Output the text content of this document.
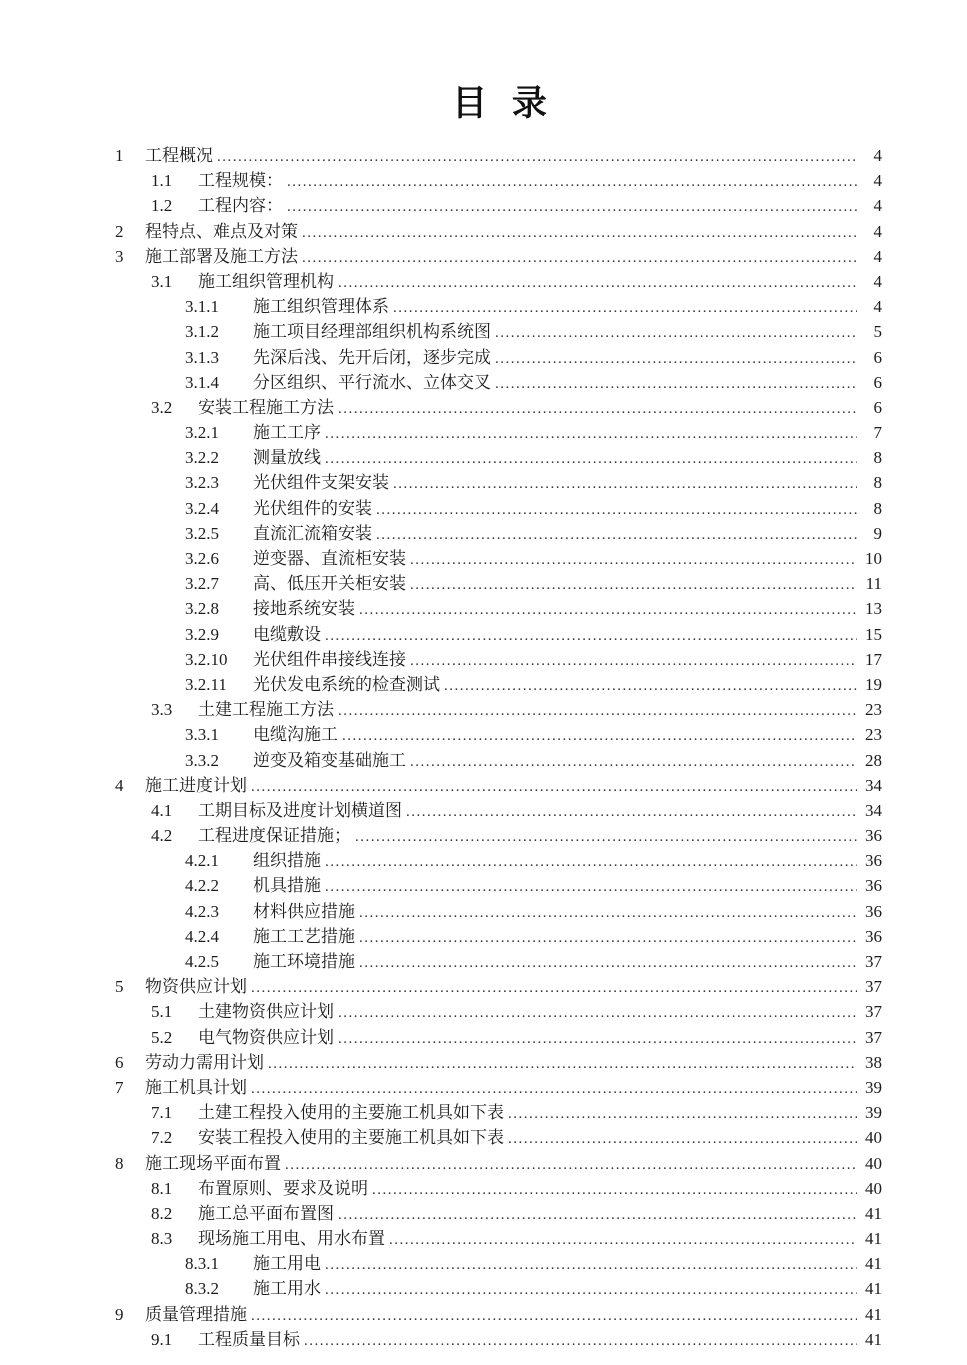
目 录
1	工程概况 .....	4
1.1	工程规模： .....	4
1.2	工程内容： .....	4
2	程特点、难点及对策 .....	4
3	施工部署及施工方法 .....	4
3.1	施工组织管理机构 .....	4
3.1.1	施工组织管理体系 .....	4
3.1.2	施工项目经理部组织机构系统图 .....	5
3.1.3	先深后浅、先开后闭，逐步完成 .....	6
3.1.4	分区组织、平行流水、立体交叉 .....	6
3.2	安装工程施工方法 .....	6
3.2.1	施工工序 .....	7
3.2.2	测量放线 .....	8
3.2.3	光伏组件支架安装 .....	8
3.2.4	光伏组件的安装 .....	8
3.2.5	直流汇流箱安装 .....	9
3.2.6	逆变器、直流柜安装 .....	10
3.2.7	高、低压开关柜安装 .....	11
3.2.8	接地系统安装 .....	13
3.2.9	电缆敷设 .....	15
3.2.10	光伏组件串接线连接 .....	17
3.2.11	光伏发电系统的检查测试 .....	19
3.3	土建工程施工方法 .....	23
3.3.1	电缆沟施工 .....	23
3.3.2	逆变及箱变基础施工 .....	28
4	施工进度计划 .....	34
4.1	工期目标及进度计划横道图 .....	34
4.2	工程进度保证措施； .....	36
4.2.1	组织措施 .....	36
4.2.2	机具措施 .....	36
4.2.3	材料供应措施 .....	36
4.2.4	施工工艺措施 .....	36
4.2.5	施工环境措施 .....	37
5	物资供应计划 .....	37
5.1	土建物资供应计划 .....	37
5.2	电气物资供应计划 .....	37
6	劳动力需用计划 .....	38
7	施工机具计划 .....	39
7.1	土建工程投入使用的主要施工机具如下表 .....	39
7.2	安装工程投入使用的主要施工机具如下表 .....	40
8	施工现场平面布置 .....	40
8.1	布置原则、要求及说明 .....	40
8.2	施工总平面布置图 .....	41
8.3	现场施工用电、用水布置 .....	41
8.3.1	施工用电 .....	41
8.3.2	施工用水 .....	41
9	质量管理措施 .....	41
9.1	工程质量目标 .....	41
